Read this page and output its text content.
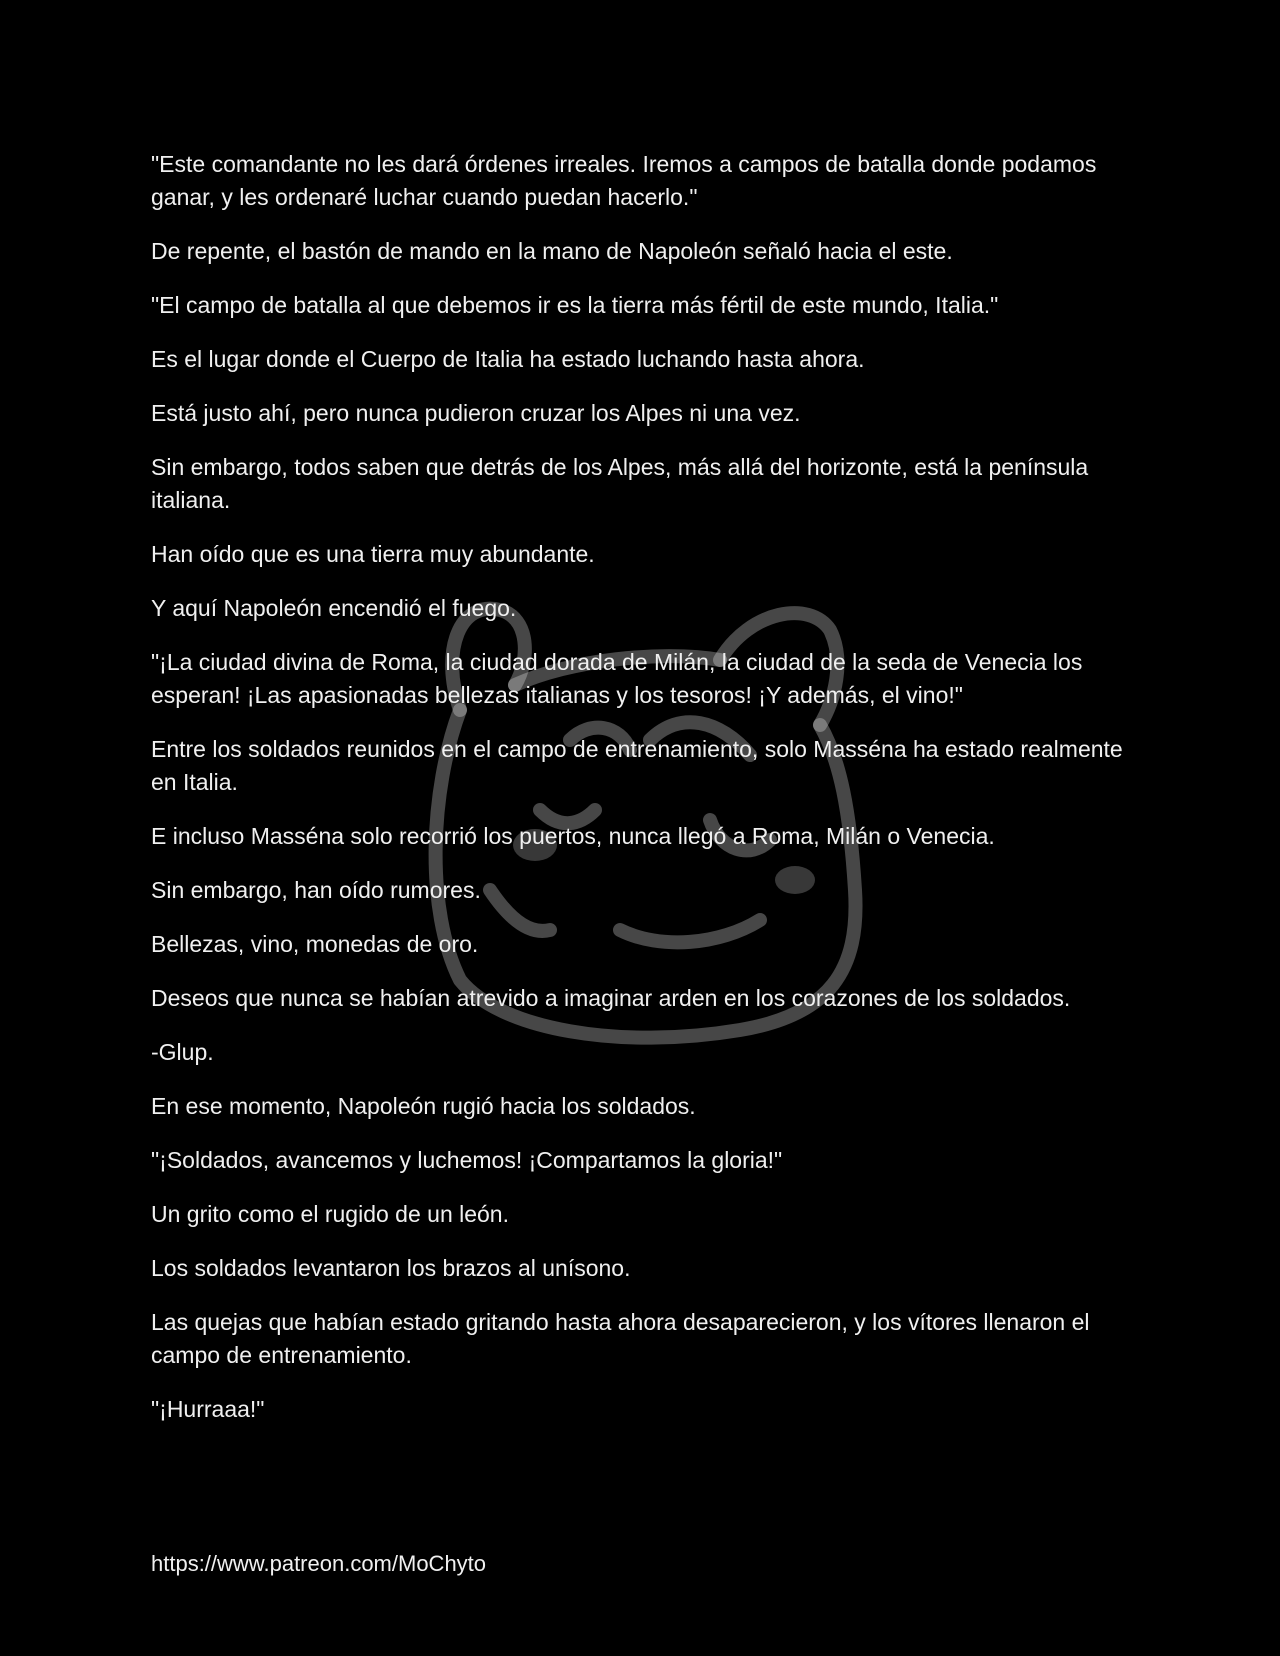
"Este comandante no les dará órdenes irreales. Iremos a campos de batalla donde podamos ganar, y les ordenaré luchar cuando puedan hacerlo."

De repente, el bastón de mando en la mano de Napoleón señaló hacia el este.

"El campo de batalla al que debemos ir es la tierra más fértil de este mundo, Italia."

Es el lugar donde el Cuerpo de Italia ha estado luchando hasta ahora.

Está justo ahí, pero nunca pudieron cruzar los Alpes ni una vez.

Sin embargo, todos saben que detrás de los Alpes, más allá del horizonte, está la península italiana.

Han oído que es una tierra muy abundante.

Y aquí Napoleón encendió el fuego.

"¡La ciudad divina de Roma, la ciudad dorada de Milán, la ciudad de la seda de Venecia los esperan! ¡Las apasionadas bellezas italianas y los tesoros! ¡Y además, el vino!"

Entre los soldados reunidos en el campo de entrenamiento, solo Masséna ha estado realmente en Italia.

E incluso Masséna solo recorrió los puertos, nunca llegó a Roma, Milán o Venecia.

Sin embargo, han oído rumores.

Bellezas, vino, monedas de oro.

Deseos que nunca se habían atrevido a imaginar arden en los corazones de los soldados.

-Glup.

En ese momento, Napoleón rugió hacia los soldados.

"¡Soldados, avancemos y luchemos! ¡Compartamos la gloria!"

Un grito como el rugido de un león.

Los soldados levantaron los brazos al unísono.

Las quejas que habían estado gritando hasta ahora desaparecieron, y los vítores llenaron el campo de entrenamiento.

"¡Hurraaa!"

https://www.patreon.com/MoChyto
